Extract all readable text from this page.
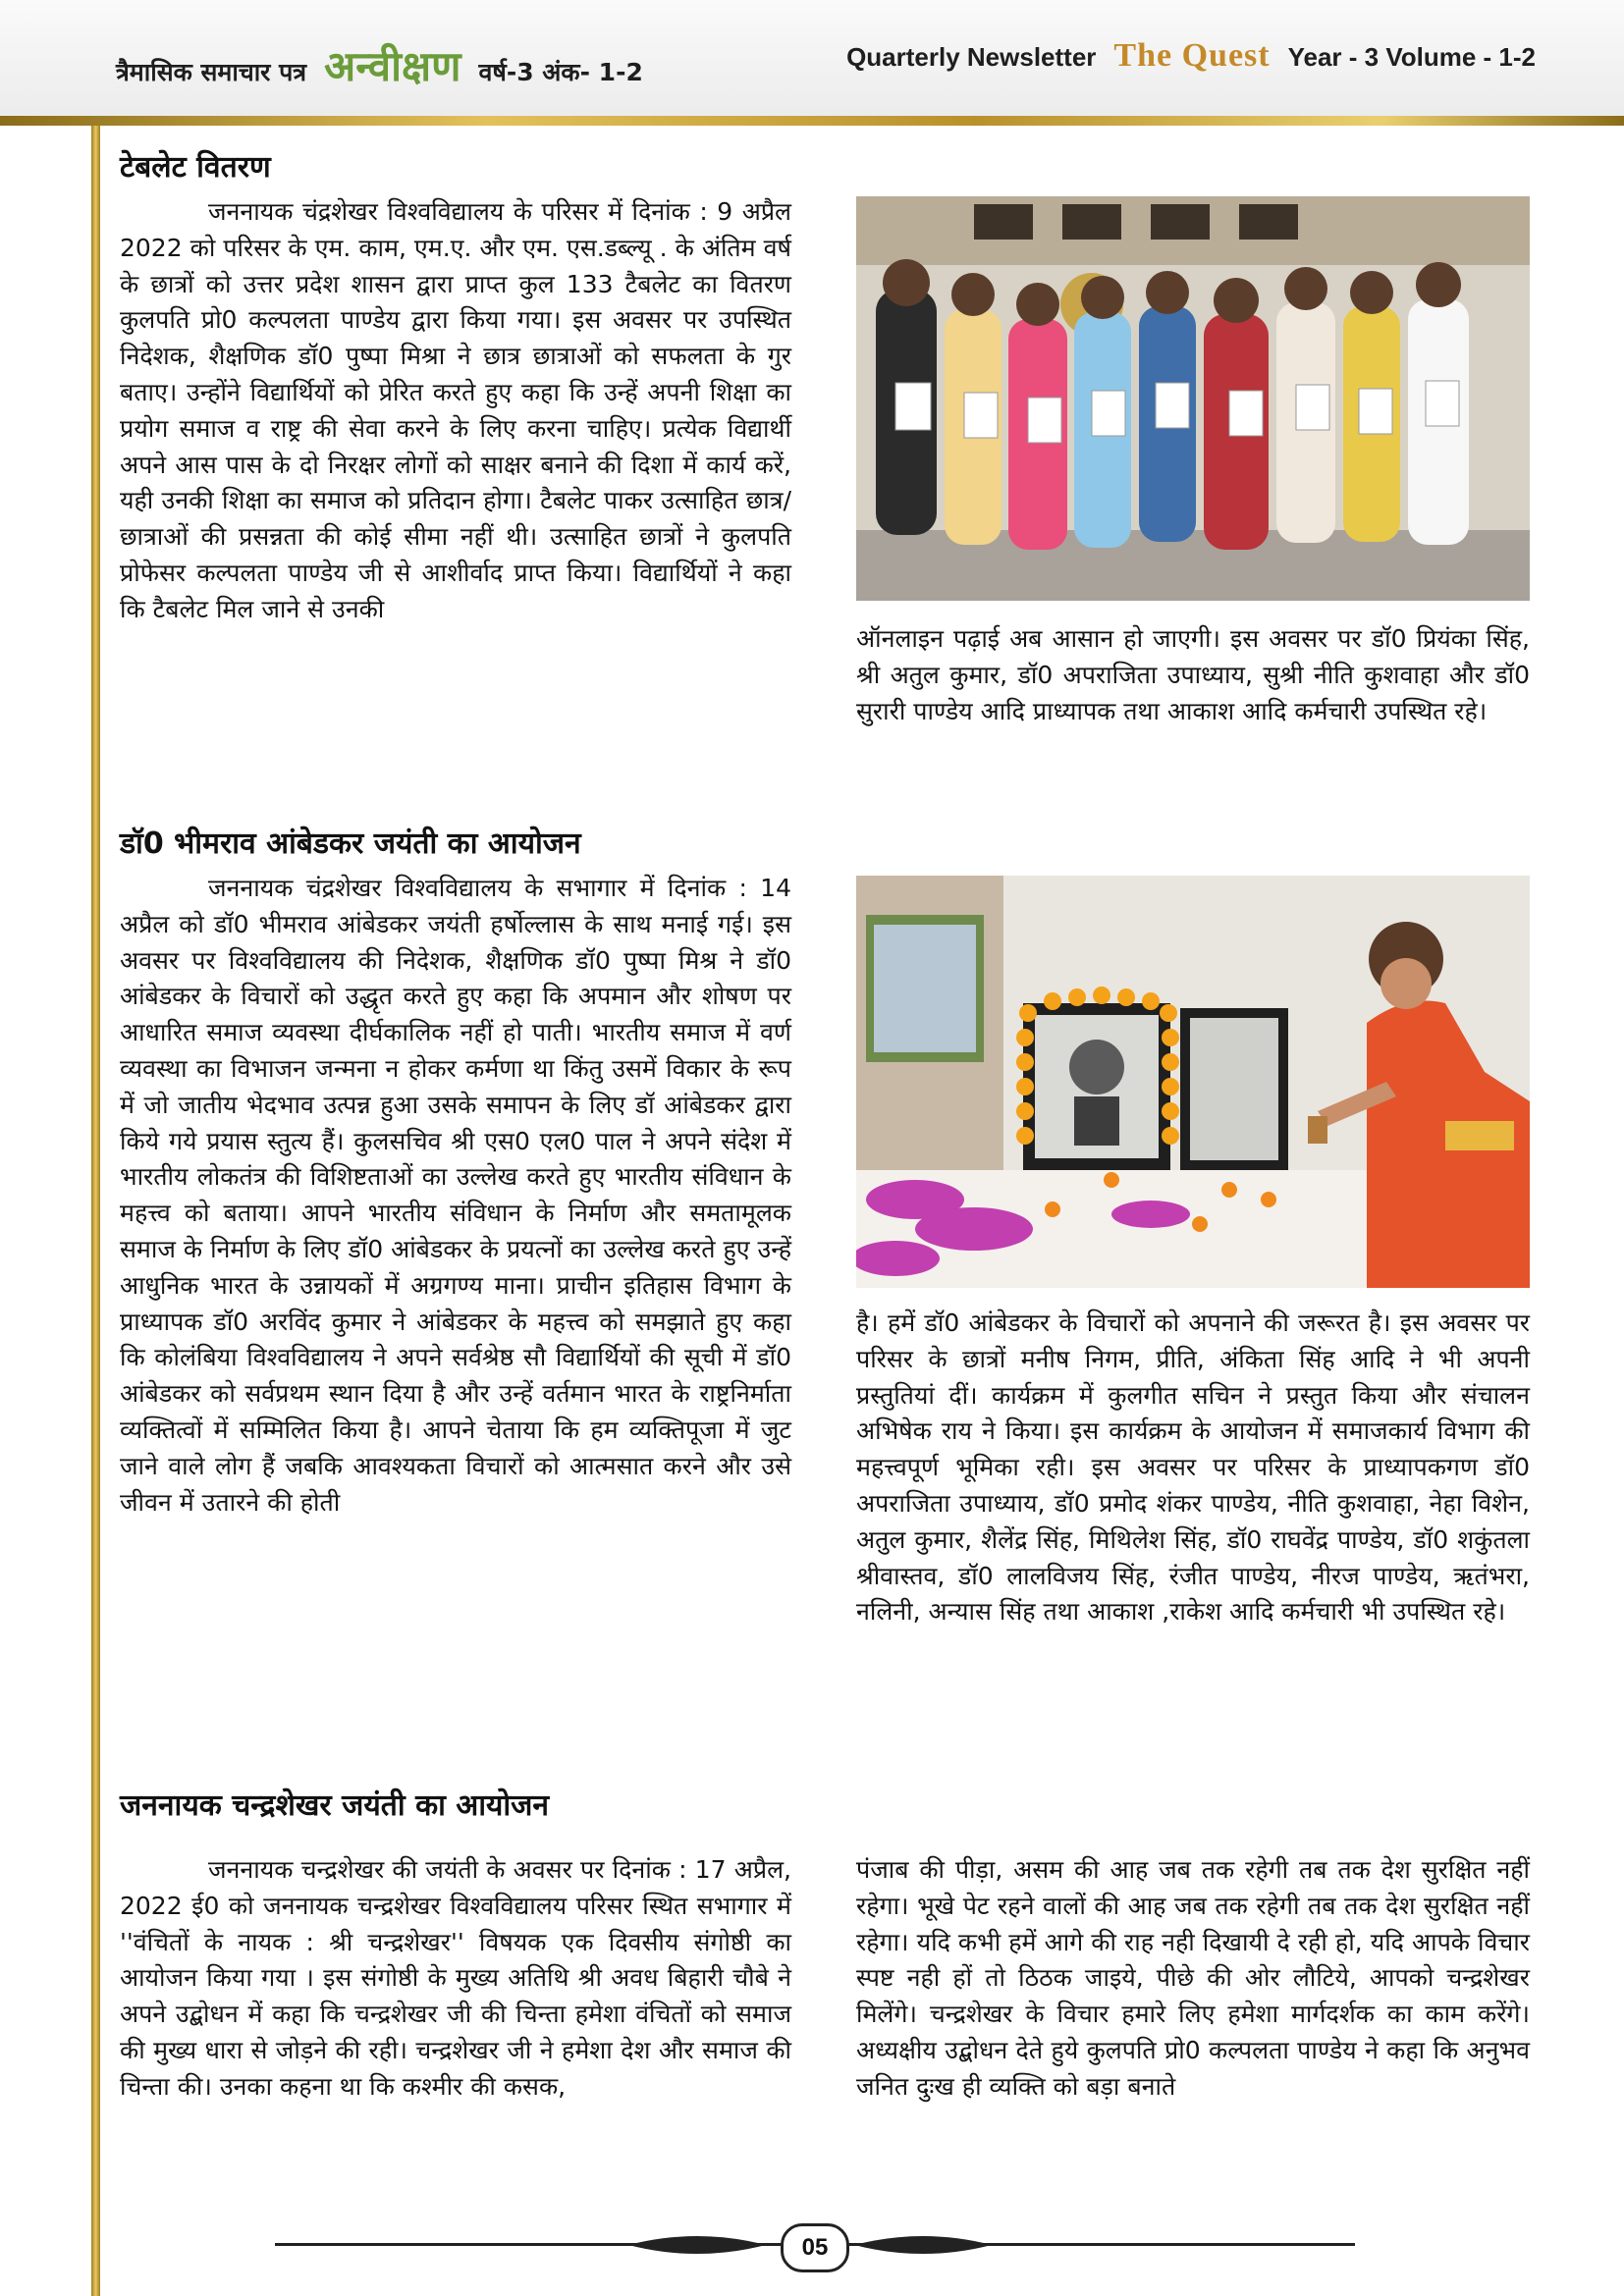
त्रैमासिक समाचार पत्र अन्वीक्षण वर्ष-3 अंक- 1-2
Quarterly Newsletter The Quest Year - 3 Volume - 1-2
टेबलेट वितरण

जननायक चंद्रशेखर विश्वविद्यालय के परिसर में दिनांक : 9 अप्रैल 2022 को परिसर के एम. काम, एम.ए. और एम. एस.डब्ल्यू . के अंतिम वर्ष के छात्रों को उत्तर प्रदेश शासन द्वारा प्राप्त कुल 133 टैबलेट का वितरण कुलपति प्रो0 कल्पलता पाण्डेय द्वारा किया गया। इस अवसर पर उपस्थित निदेशक, शैक्षणिक डॉ0 पुष्पा मिश्रा ने छात्र छात्राओं को सफलता के गुर बताए। उन्होंने विद्यार्थियों को प्रेरित करते हुए कहा कि उन्हें अपनी शिक्षा का प्रयोग समाज व राष्ट्र की सेवा करने के लिए करना चाहिए। प्रत्येक विद्यार्थी अपने आस पास के दो निरक्षर लोगों को साक्षर बनाने की दिशा में कार्य करें, यही उनकी शिक्षा का समाज को प्रतिदान होगा। टैबलेट पाकर उत्साहित छात्र/छात्राओं की प्रसन्नता की कोई सीमा नहीं थी। उत्साहित छात्रों ने कुलपति प्रोफेसर कल्पलता पाण्डेय जी से आशीर्वाद प्राप्त किया। विद्यार्थियों ने कहा कि टैबलेट मिल जाने से उनकी

ऑनलाइन पढ़ाई अब आसान हो जाएगी। इस अवसर पर डॉ0 प्रियंका सिंह, श्री अतुल कुमार, डॉ0 अपराजिता उपाध्याय, सुश्री नीति कुशवाहा और डॉ0 सुरारी पाण्डेय आदि प्राध्यापक तथा आकाश आदि कर्मचारी उपस्थित रहे।

डॉ0 भीमराव आंबेडकर जयंती का आयोजन

जननायक चंद्रशेखर विश्वविद्यालय के सभागार में दिनांक : 14 अप्रैल को डॉ0 भीमराव आंबेडकर जयंती हर्षोल्लास के साथ मनाई गई। इस अवसर पर विश्वविद्यालय की निदेशक, शैक्षणिक डॉ0 पुष्पा मिश्र ने डॉ0 आंबेडकर के विचारों को उद्धृत करते हुए कहा कि अपमान और शोषण पर आधारित समाज व्यवस्था दीर्घकालिक नहीं हो पाती। भारतीय समाज में वर्ण व्यवस्था का विभाजन जन्मना न होकर कर्मणा था किंतु उसमें विकार के रूप में जो जातीय भेदभाव उत्पन्न हुआ उसके समापन के लिए डॉ आंबेडकर द्वारा किये गये प्रयास स्तुत्य हैं। कुलसचिव श्री एस0 एल0 पाल ने अपने संदेश में भारतीय लोकतंत्र की विशिष्टताओं का उल्लेख करते हुए भारतीय संविधान के महत्त्व को बताया। आपने भारतीय संविधान के निर्माण और समतामूलक समाज के निर्माण के लिए डॉ0 आंबेडकर के प्रयत्नों का उल्लेख करते हुए उन्हें आधुनिक भारत के उन्नायकों में अग्रगण्य माना। प्राचीन इतिहास विभाग के प्राध्यापक डॉ0 अरविंद कुमार ने आंबेडकर के महत्त्व को समझाते हुए कहा कि कोलंबिया विश्वविद्यालय ने अपने सर्वश्रेष्ठ सौ विद्यार्थियों की सूची में डॉ0 आंबेडकर को सर्वप्रथम स्थान दिया है और उन्हें वर्तमान भारत के राष्ट्रनिर्माता व्यक्तित्वों में सम्मिलित किया है। आपने चेताया कि हम व्यक्तिपूजा में जुट जाने वाले लोग हैं जबकि आवश्यकता विचारों को आत्मसात करने और उसे जीवन में उतारने की होती

है। हमें डॉ0 आंबेडकर के विचारों को अपनाने की जरूरत है। इस अवसर पर परिसर के छात्रों मनीष निगम, प्रीति, अंकिता सिंह आदि ने भी अपनी प्रस्तुतियां दीं। कार्यक्रम में कुलगीत सचिन ने प्रस्तुत किया और संचालन अभिषेक राय ने किया। इस कार्यक्रम के आयोजन में समाजकार्य विभाग की महत्त्वपूर्ण भूमिका रही। इस अवसर पर परिसर के प्राध्यापकगण डॉ0 अपराजिता उपाध्याय, डॉ0 प्रमोद शंकर पाण्डेय, नीति कुशवाहा, नेहा विशेन, अतुल कुमार, शैलेंद्र सिंह, मिथिलेश सिंह, डॉ0 राघवेंद्र पाण्डेय, डॉ0 शकुंतला श्रीवास्तव, डॉ0 लालविजय सिंह, रंजीत पाण्डेय, नीरज पाण्डेय, ऋतंभरा, नलिनी, अन्यास सिंह तथा आकाश ,राकेश आदि कर्मचारी भी उपस्थित रहे।

जननायक चन्द्रशेखर जयंती का आयोजन

जननायक चन्द्रशेखर की जयंती के अवसर पर दिनांक : 17 अप्रैल, 2022 ई0 को जननायक चन्द्रशेखर विश्वविद्यालय परिसर स्थित सभागार में ''वंचितों के नायक : श्री चन्द्रशेखर'' विषयक एक दिवसीय संगोष्ठी का आयोजन किया गया । इस संगोष्ठी के मुख्य अतिथि श्री अवध बिहारी चौबे ने अपने उद्बोधन में कहा कि चन्द्रशेखर जी की चिन्ता हमेशा वंचितों को समाज की मुख्य धारा से जोड़ने की रही। चन्द्रशेखर जी ने हमेशा देश और समाज की चिन्ता की। उनका कहना था कि कश्मीर की कसक,

पंजाब की पीड़ा, असम की आह जब तक रहेगी तब तक देश सुरक्षित नहीं रहेगा। भूखे पेट रहने वालों की आह जब तक रहेगी तब तक देश सुरक्षित नहीं रहेगा। यदि कभी हमें आगे की राह नही दिखायी दे रही हो, यदि आपके विचार स्पष्ट नही हों तो ठिठक जाइये, पीछे की ओर लौटिये, आपको चन्द्रशेखर मिलेंगे। चन्द्रशेखर के विचार हमारे लिए हमेशा मार्गदर्शक का काम करेंगे। अध्यक्षीय उद्बोधन देते हुये कुलपति प्रो0 कल्पलता पाण्डेय ने कहा कि अनुभव जनित दुःख ही व्यक्ति को बड़ा बनाते

05
